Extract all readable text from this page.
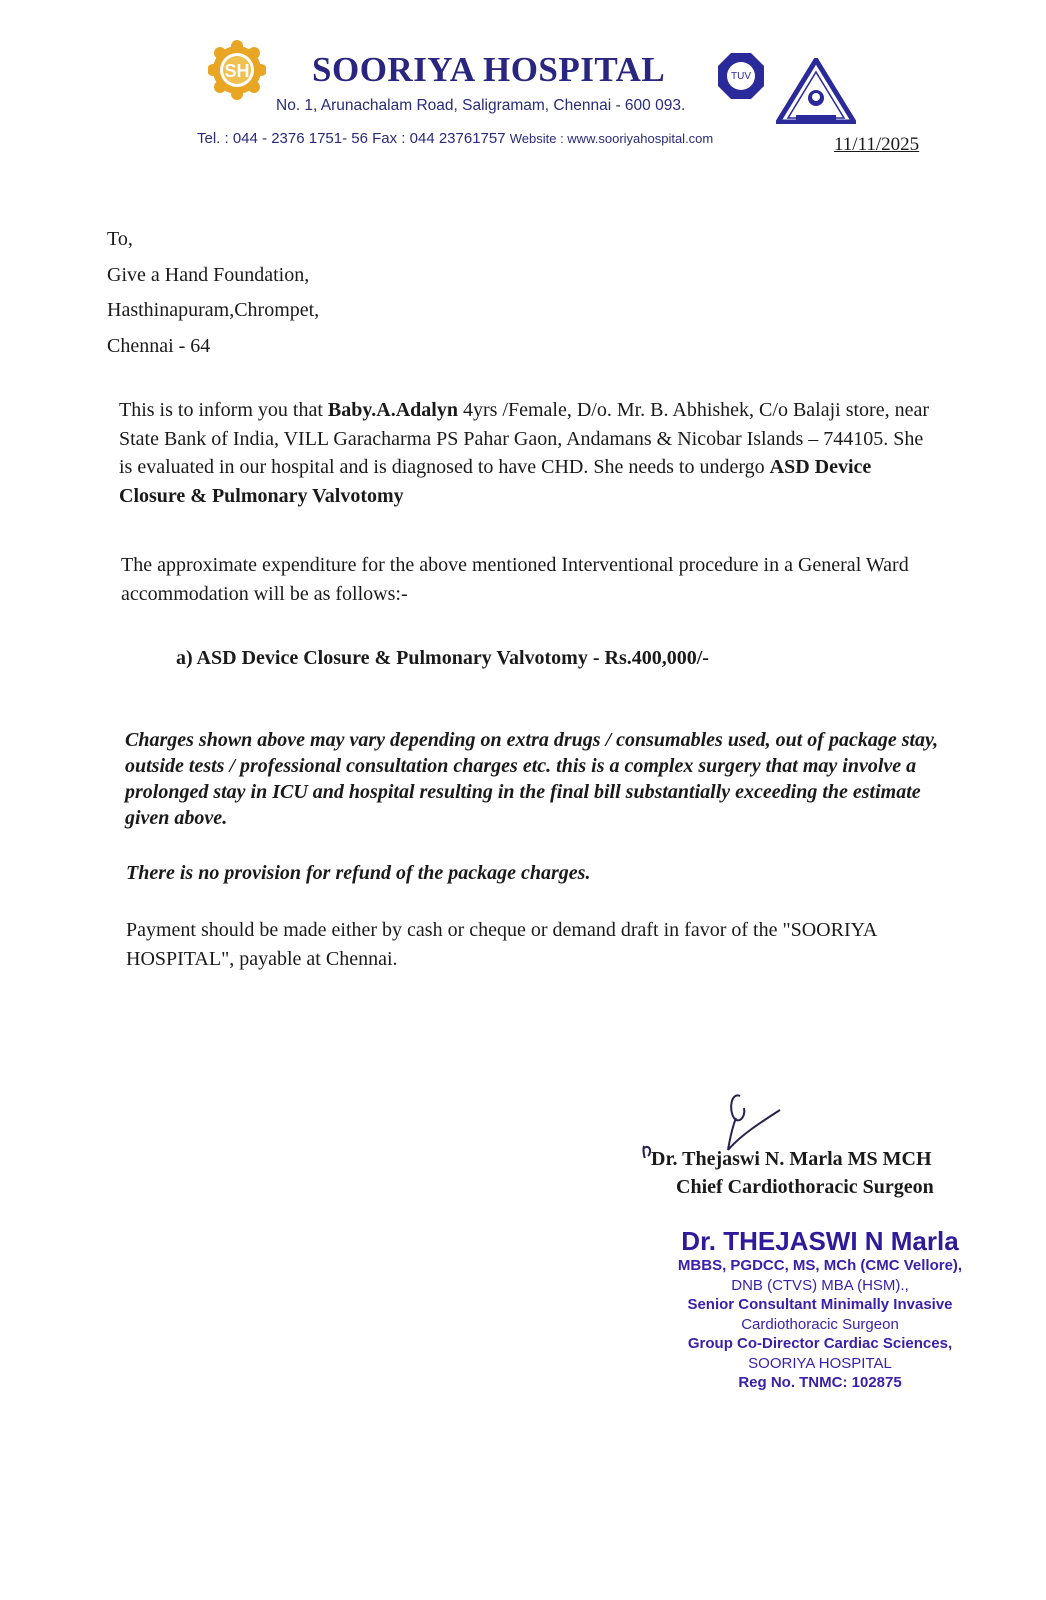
SH SOORIYA HOSPITAL
No. 1, Arunachalam Road, Saligramam, Chennai - 600 093.
Tel. : 044 - 2376 1751- 56 Fax : 044 23761757 Website : www.sooriyahospital.com
TUV
11/11/2025
To,
Give a Hand Foundation,
Hasthinapuram,Chrompet,
Chennai - 64
This is to inform you that Baby.A.Adalyn 4yrs /Female, D/o. Mr. B. Abhishek, C/o Balaji store, near State Bank of India, VILL Garacharma PS Pahar Gaon, Andamans & Nicobar Islands – 744105. She is evaluated in our hospital and is diagnosed to have CHD. She needs to undergo ASD Device Closure & Pulmonary Valvotomy
The approximate expenditure for the above mentioned Interventional procedure in a General Ward accommodation will be as follows:-
a) ASD Device Closure & Pulmonary Valvotomy - Rs.400,000/-
Charges shown above may vary depending on extra drugs / consumables used, out of package stay, outside tests / professional consultation charges etc. this is a complex surgery that may involve a prolonged stay in ICU and hospital resulting in the final bill substantially exceeding the estimate given above.
There is no provision for refund of the package charges.
Payment should be made either by cash or cheque or demand draft in favor of the "SOORIYA HOSPITAL", payable at Chennai.
Dr. Thejaswi N. Marla MS MCH
Chief Cardiothoracic Surgeon
Dr. THEJASWI N Marla
MBBS, PGDCC, MS, MCh (CMC Vellore),
DNB (CTVS) MBA (HSM).,
Senior Consultant Minimally Invasive
Cardiothoracic Surgeon
Group Co-Director Cardiac Sciences,
SOORIYA HOSPITAL
Reg No. TNMC: 102875
